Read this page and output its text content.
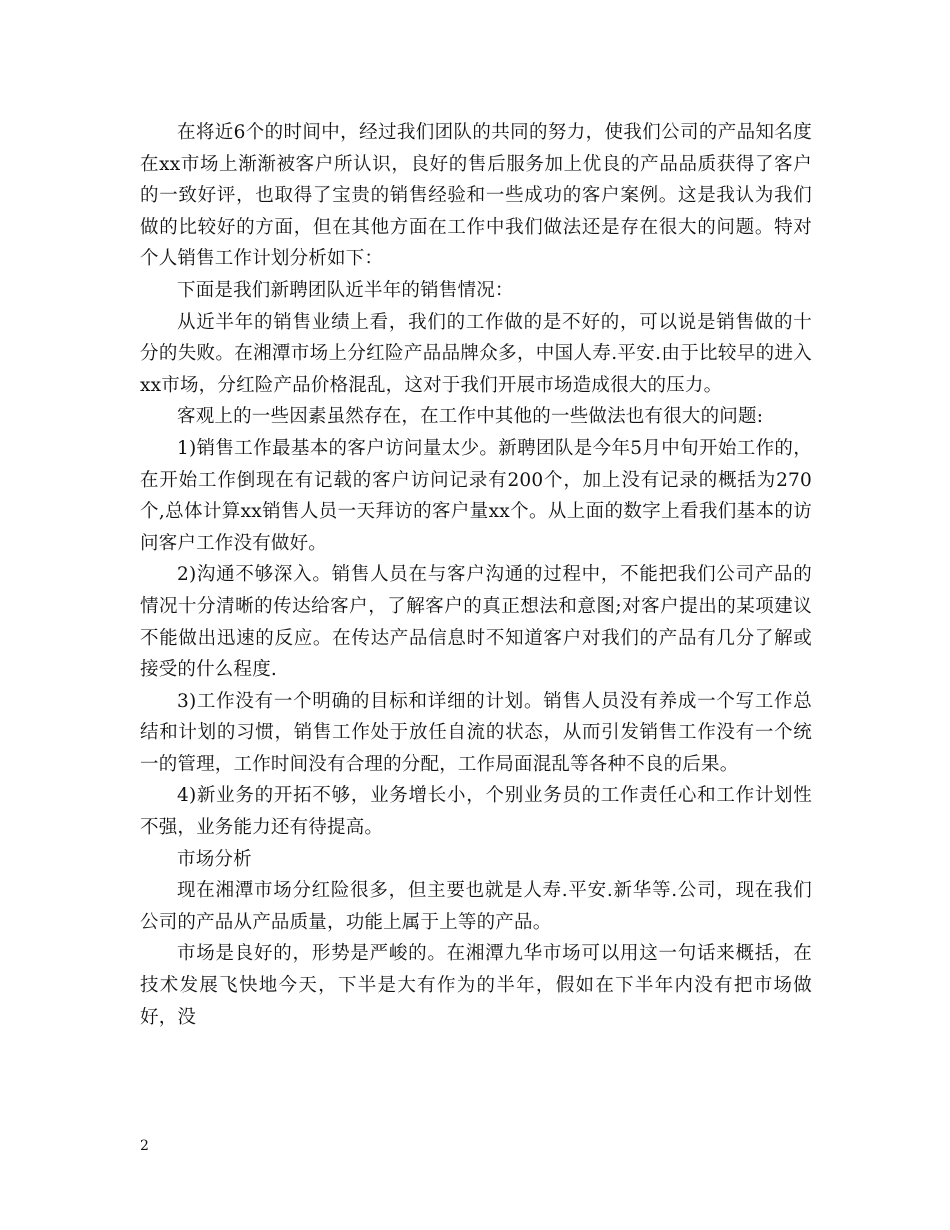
在将近6个的时间中，经过我们团队的共同的努力，使我们公司的产品知名度在xx市场上渐渐被客户所认识，良好的售后服务加上优良的产品品质获得了客户的一致好评，也取得了宝贵的销售经验和一些成功的客户案例。这是我认为我们做的比较好的方面，但在其他方面在工作中我们做法还是存在很大的问题。特对个人销售工作计划分析如下：

下面是我们新聘团队近半年的销售情况：

从近半年的销售业绩上看，我们的工作做的是不好的，可以说是销售做的十分的失败。在湘潭市场上分红险产品品牌众多，中国人寿.平安.由于比较早的进入xx市场，分红险产品价格混乱，这对于我们开展市场造成很大的压力。

客观上的一些因素虽然存在，在工作中其他的一些做法也有很大的问题:

1)销售工作最基本的客户访问量太少。新聘团队是今年5月中旬开始工作的，在开始工作倒现在有记载的客户访问记录有200个，加上没有记录的概括为270个,总体计算xx销售人员一天拜访的客户量xx个。从上面的数字上看我们基本的访问客户工作没有做好。

2)沟通不够深入。销售人员在与客户沟通的过程中，不能把我们公司产品的情况十分清晰的传达给客户，了解客户的真正想法和意图;对客户提出的某项建议不能做出迅速的反应。在传达产品信息时不知道客户对我们的产品有几分了解或接受的什么程度.

3)工作没有一个明确的目标和详细的计划。销售人员没有养成一个写工作总结和计划的习惯，销售工作处于放任自流的状态，从而引发销售工作没有一个统一的管理，工作时间没有合理的分配，工作局面混乱等各种不良的后果。

4)新业务的开拓不够，业务增长小，个别业务员的工作责任心和工作计划性不强，业务能力还有待提高。

市场分析

现在湘潭市场分红险很多，但主要也就是人寿.平安.新华等.公司，现在我们公司的产品从产品质量，功能上属于上等的产品。

市场是良好的，形势是严峻的。在湘潭九华市场可以用这一句话来概括，在技术发展飞快地今天，下半是大有作为的半年，假如在下半年内没有把市场做好，没

2
